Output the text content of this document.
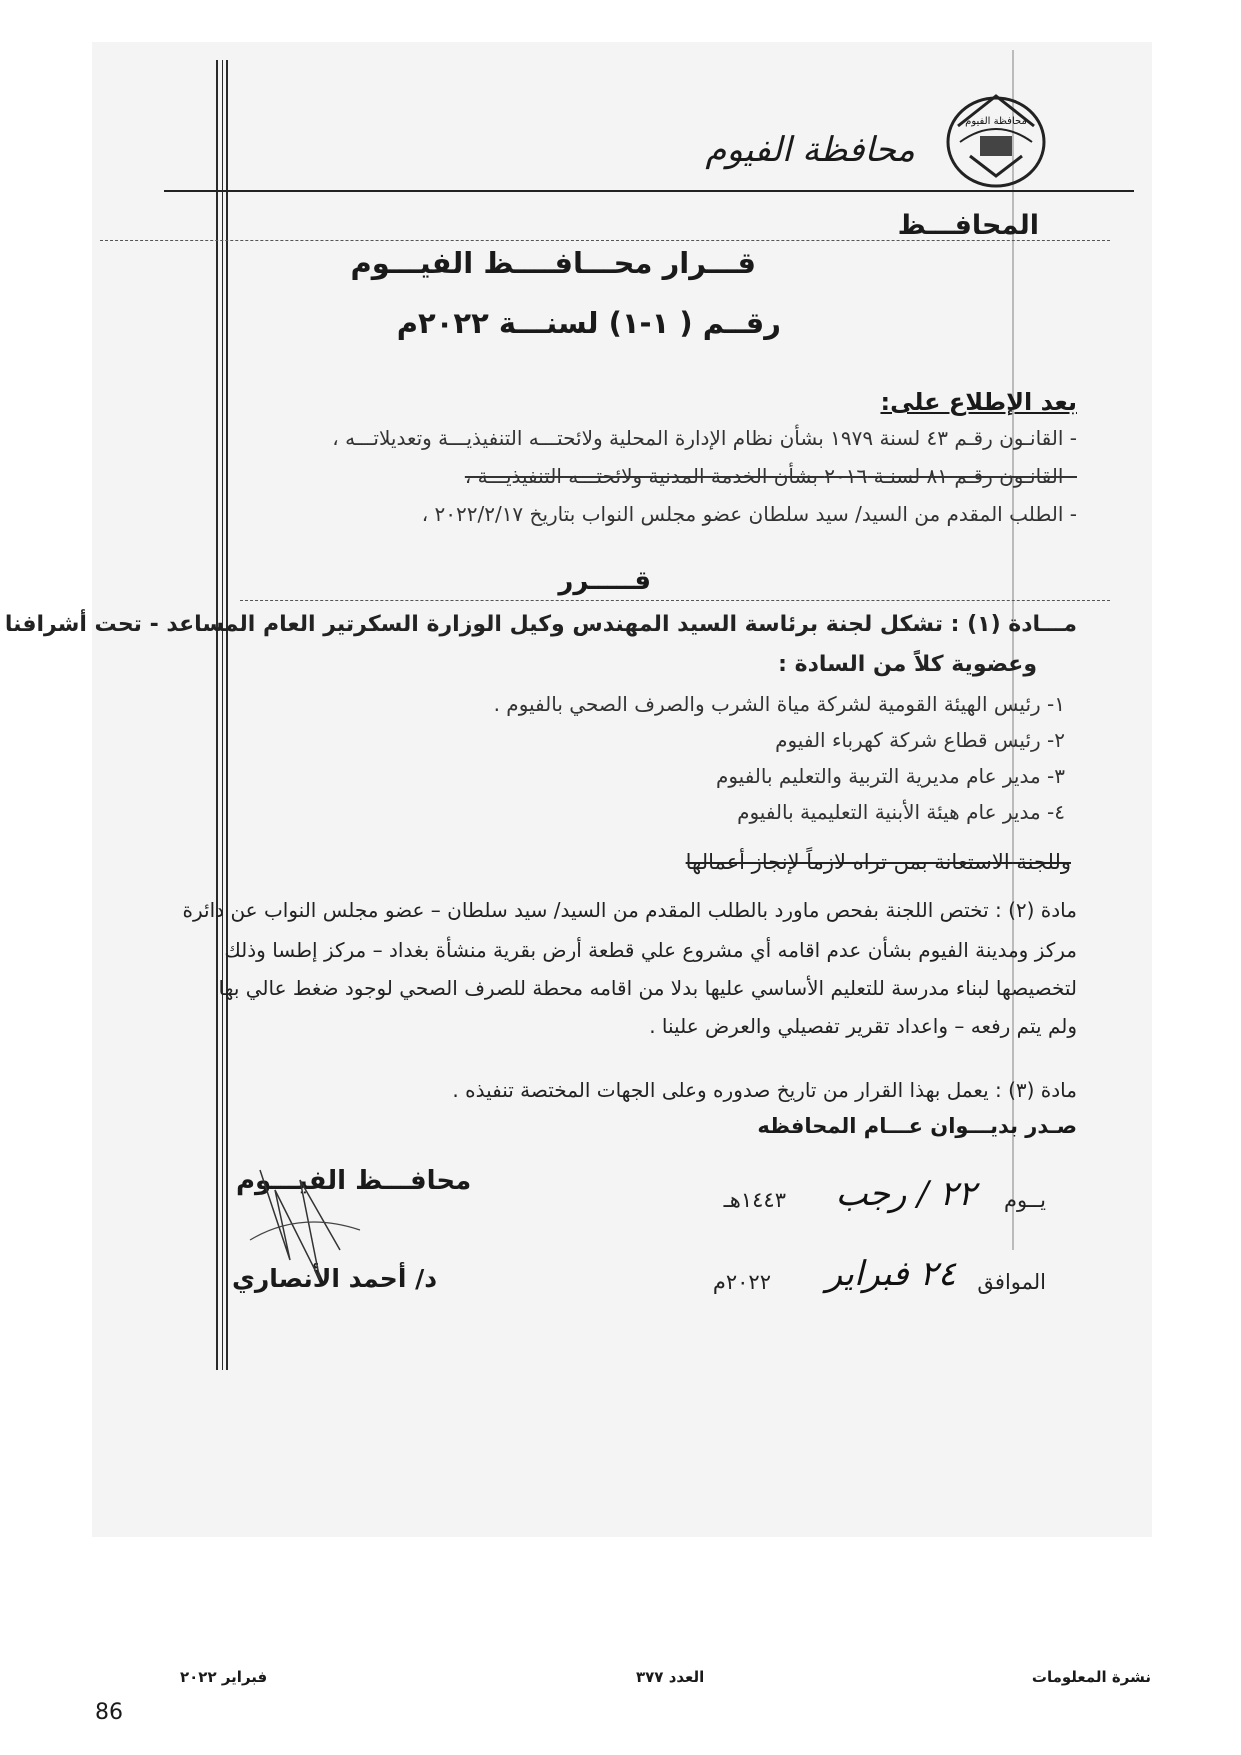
محافظة الفيوم
محافظة الفيوم
المحافـــظ
قـــرار محـــافــــظ الفيـــوم
رقــم ( ١-١) لسنـــة ٢٠٢٢م
بعد الإطلاع على:
- القانـون رقـم ٤٣ لسنة ١٩٧٩ بشأن نظام الإدارة المحلية ولائحتـــه التنفيذيـــة وتعديلاتـــه ،
- القانـون رقـم ٨١ لسنـة ٢٠١٦ بشأن الخدمة المدنية ولائحتـــه التنفيذيـــة ،
- الطلب المقدم من السيد/ سيد سلطان عضو مجلس النواب بتاريخ ٢٠٢٢/٢/١٧ ،
قـــــرر
مـــادة (١) : تشكل لجنة برئاسة السيد المهندس وكيل الوزارة السكرتير العام المساعد - تحت أشرافنا
وعضوية كلاً من السادة :
١- رئيس الهيئة القومية لشركة مياة الشرب والصرف الصحي بالفيوم .
٢- رئيس قطاع شركة كهرباء الفيوم
٣- مدير عام مديرية التربية والتعليم بالفيوم
٤- مدير عام هيئة الأبنية التعليمية بالفيوم
وللجنة الاستعانة بمن تراه لازماً لإنجاز أعمالها
مادة (٢) : تختص اللجنة بفحص ماورد بالطلب المقدم من السيد/ سيد سلطان – عضو مجلس النواب عن دائرة
مركز ومدينة الفيوم بشأن عدم اقامه أي مشروع علي قطعة أرض بقرية منشأة بغداد – مركز إطسا وذلك
لتخصيصها لبناء مدرسة للتعليم الأساسي عليها بدلا من اقامه محطة للصرف الصحي لوجود ضغط عالي بها
ولم يتم رفعه – واعداد تقرير تفصيلي والعرض علينا .
مادة (٣) : يعمل بهذا القرار من تاريخ صدوره وعلى الجهات المختصة تنفيذه .
صـدر بديـــوان عـــام المحافظه
محافـــظ الفيـــوم
د/ أحمد الأنصاري
يــوم
٢٢ / رجب
١٤٤٣هـ
الموافق
٢٤ فبراير
٢٠٢٢م
نشرة المعلومات
العدد ٣٧٧
فبراير ٢٠٢٢
86
